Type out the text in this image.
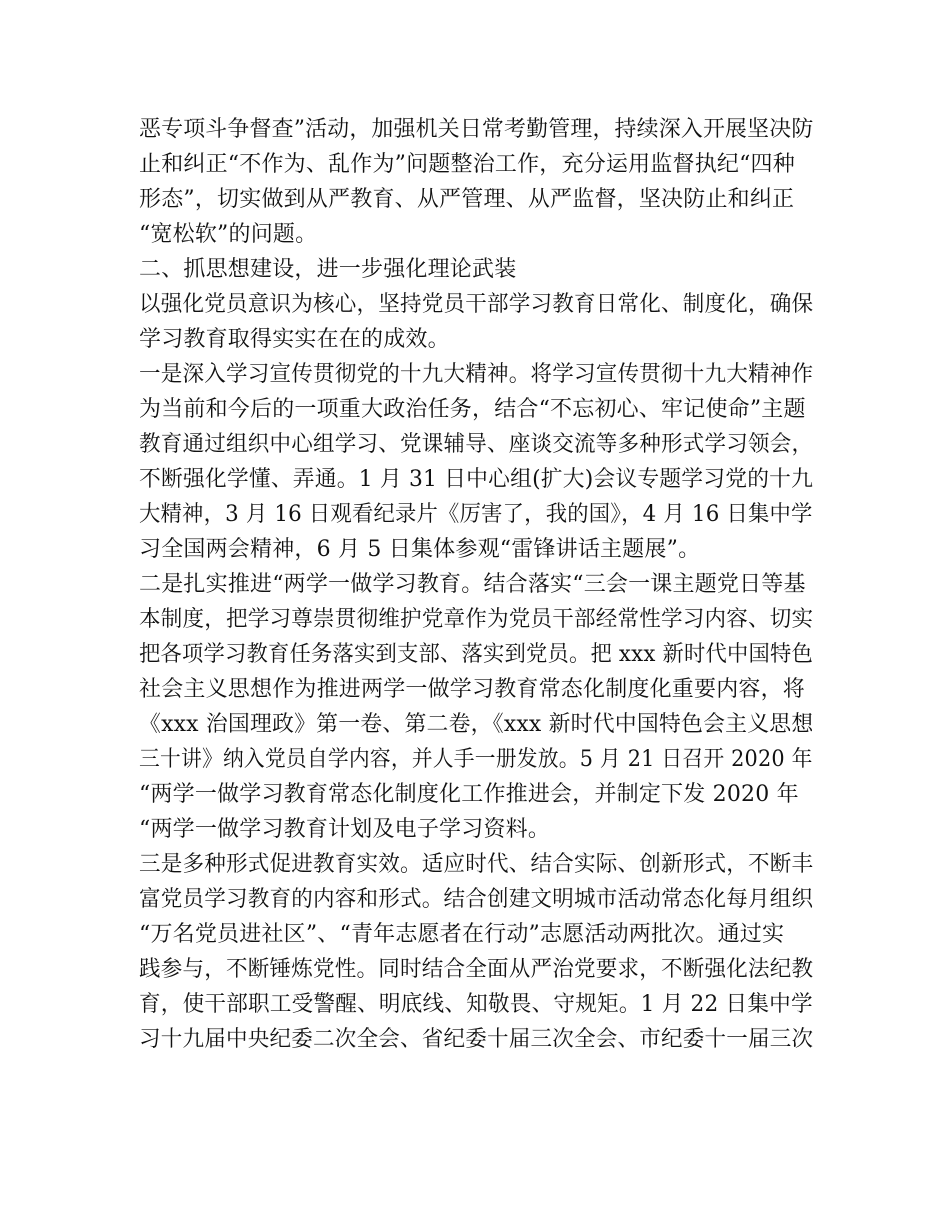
恶专项斗争督查”活动，加强机关日常考勤管理，持续深入开展坚决防
止和纠正“不作为、乱作为”问题整治工作，充分运用监督执纪“四种
形态”，切实做到从严教育、从严管理、从严监督，坚决防止和纠正
“宽松软”的问题。
二、抓思想建设，进一步强化理论武装
以强化党员意识为核心，坚持党员干部学习教育日常化、制度化，确保
学习教育取得实实在在的成效。
一是深入学习宣传贯彻党的十九大精神。将学习宣传贯彻十九大精神作
为当前和今后的一项重大政治任务，结合“不忘初心、牢记使命”主题
教育通过组织中心组学习、党课辅导、座谈交流等多种形式学习领会，
不断强化学懂、弄通。1 月 31 日中心组(扩大)会议专题学习党的十九
大精神，3 月 16 日观看纪录片《厉害了，我的国》，4 月 16 日集中学
习全国两会精神，6 月 5 日集体参观“雷锋讲话主题展”。
二是扎实推进“两学一做学习教育。结合落实“三会一课主题党日等基
本制度，把学习尊崇贯彻维护党章作为党员干部经常性学习内容、切实
把各项学习教育任务落实到支部、落实到党员。把 xxx 新时代中国特色
社会主义思想作为推进两学一做学习教育常态化制度化重要内容，将
《xxx 治国理政》第一卷、第二卷，《xxx 新时代中国特色会主义思想
三十讲》纳入党员自学内容，并人手一册发放。5 月 21 日召开 2020 年
“两学一做学习教育常态化制度化工作推进会，并制定下发 2020 年
“两学一做学习教育计划及电子学习资料。
三是多种形式促进教育实效。适应时代、结合实际、创新形式，不断丰
富党员学习教育的内容和形式。结合创建文明城市活动常态化每月组织
“万名党员进社区”、“青年志愿者在行动”志愿活动两批次。通过实
践参与，不断锤炼党性。同时结合全面从严治党要求，不断强化法纪教
育，使干部职工受警醒、明底线、知敬畏、守规矩。1 月 22 日集中学
习十九届中央纪委二次全会、省纪委十届三次全会、市纪委十一届三次
